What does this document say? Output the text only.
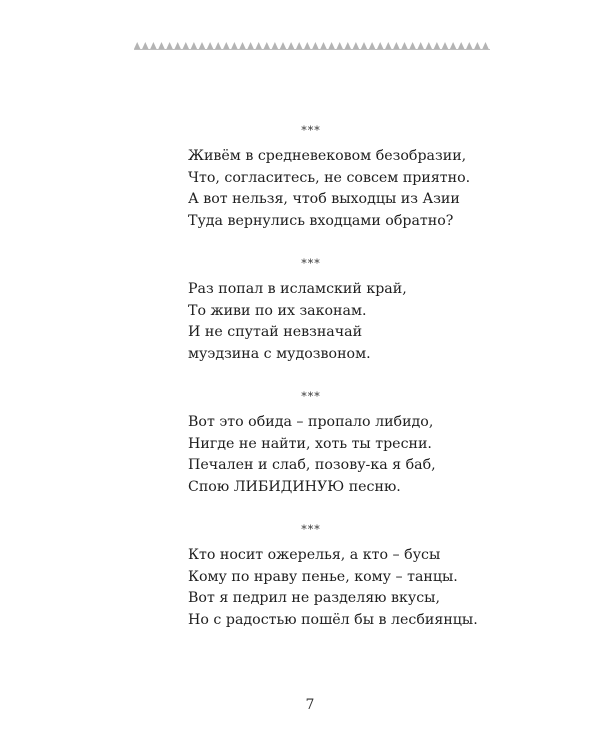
***
Живём в средневековом безобразии,
Что, согласитесь, не совсем приятно.
А вот нельзя, чтоб выходцы из Азии
Туда вернулись входцами обратно?
***
Раз попал в исламский край,
То живи по их законам.
И не спутай невзначай
муэдзина с мудозвоном.
***
Вот это обида – пропало либидо,
Нигде не найти, хоть ты тресни.
Печален и слаб, позову-ка я баб,
Спою ЛИБИДИНУЮ песню.
***
Кто носит ожерелья, а кто – бусы
Кому по нраву пенье, кому – танцы.
Вот я педрил не разделяю вкусы,
Но с радостью пошёл бы в лесбиянцы.
7
